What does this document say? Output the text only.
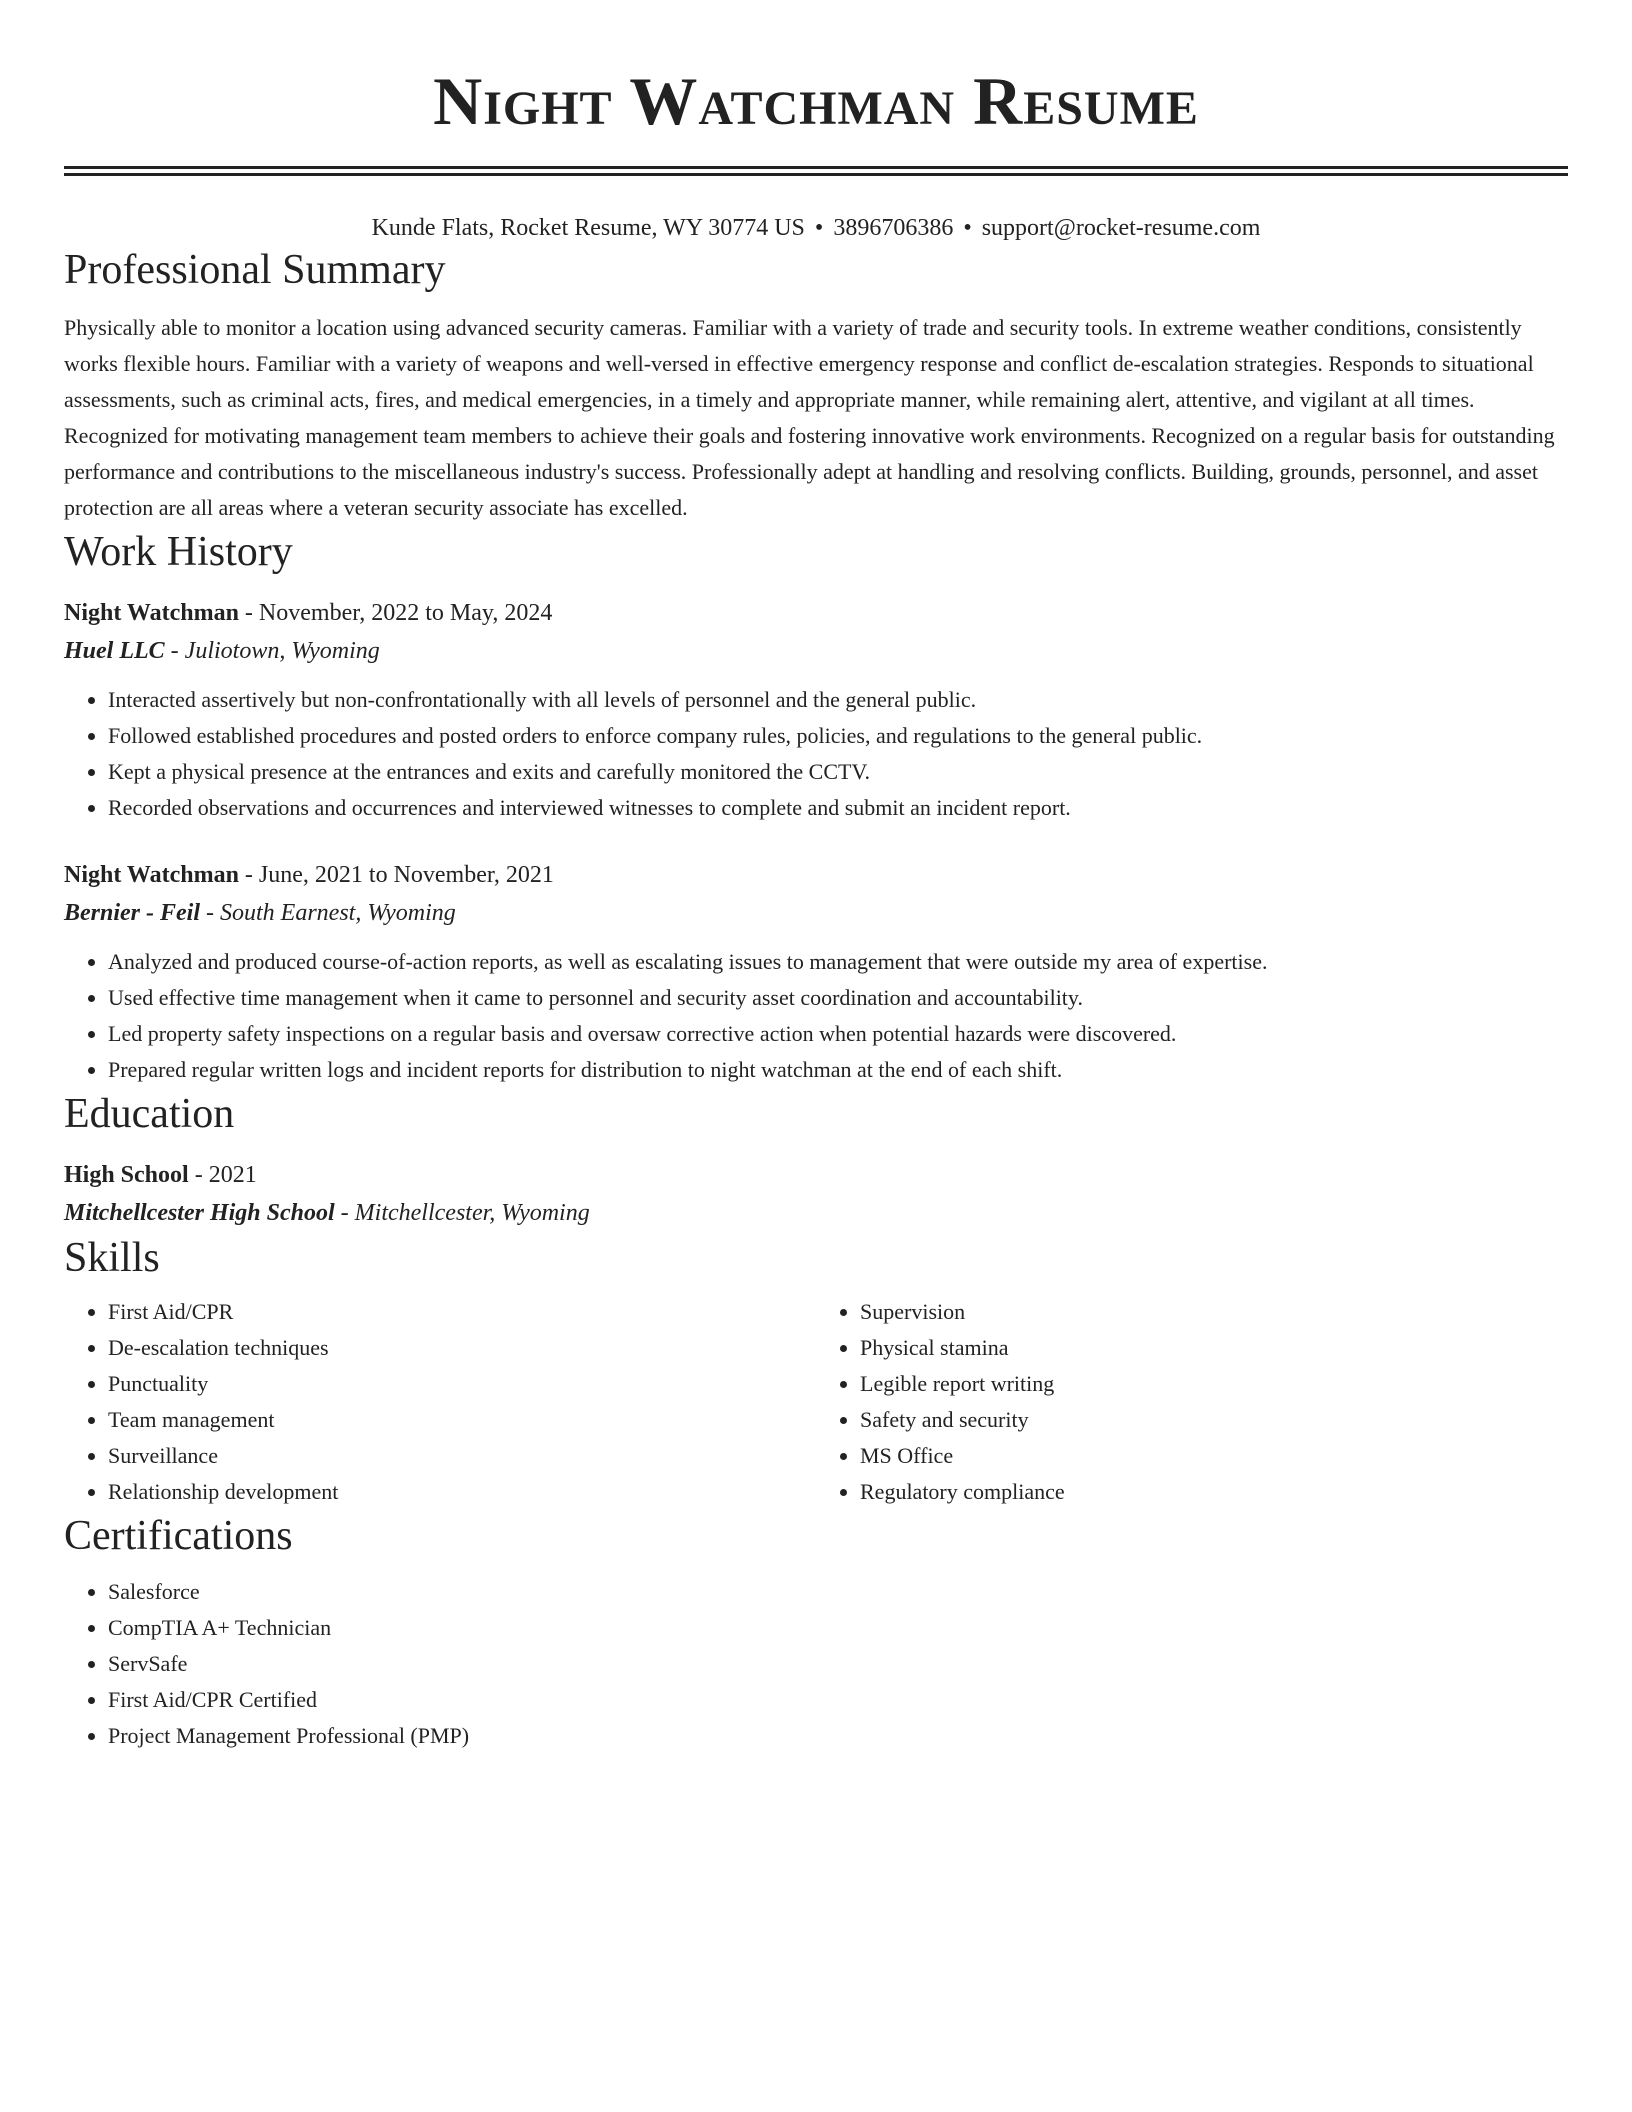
Night Watchman Resume
Kunde Flats, Rocket Resume, WY 30774 US • 3896706386 • support@rocket-resume.com
Professional Summary

Physically able to monitor a location using advanced security cameras. Familiar with a variety of trade and security tools. In extreme weather conditions, consistently works flexible hours. Familiar with a variety of weapons and well-versed in effective emergency response and conflict de-escalation strategies. Responds to situational assessments, such as criminal acts, fires, and medical emergencies, in a timely and appropriate manner, while remaining alert, attentive, and vigilant at all times. Recognized for motivating management team members to achieve their goals and fostering innovative work environments. Recognized on a regular basis for outstanding performance and contributions to the miscellaneous industry's success. Professionally adept at handling and resolving conflicts. Building, grounds, personnel, and asset protection are all areas where a veteran security associate has excelled.

Work History
Night Watchman - November, 2022 to May, 2024
Huel LLC - Juliotown, Wyoming
• Interacted assertively but non-confrontationally with all levels of personnel and the general public.
• Followed established procedures and posted orders to enforce company rules, policies, and regulations to the general public.
• Kept a physical presence at the entrances and exits and carefully monitored the CCTV.
• Recorded observations and occurrences and interviewed witnesses to complete and submit an incident report.
Night Watchman - June, 2021 to November, 2021
Bernier - Feil - South Earnest, Wyoming
• Analyzed and produced course-of-action reports, as well as escalating issues to management that were outside my area of expertise.
• Used effective time management when it came to personnel and security asset coordination and accountability.
• Led property safety inspections on a regular basis and oversaw corrective action when potential hazards were discovered.
• Prepared regular written logs and incident reports for distribution to night watchman at the end of each shift.
Education
High School - 2021
Mitchellcester High School - Mitchellcester, Wyoming
Skills
• First Aid/CPR
• De-escalation techniques
• Punctuality
• Team management
• Surveillance
• Relationship development
• Supervision
• Physical stamina
• Legible report writing
• Safety and security
• MS Office
• Regulatory compliance
Certifications
• Salesforce
• CompTIA A+ Technician
• ServSafe
• First Aid/CPR Certified
• Project Management Professional (PMP)
